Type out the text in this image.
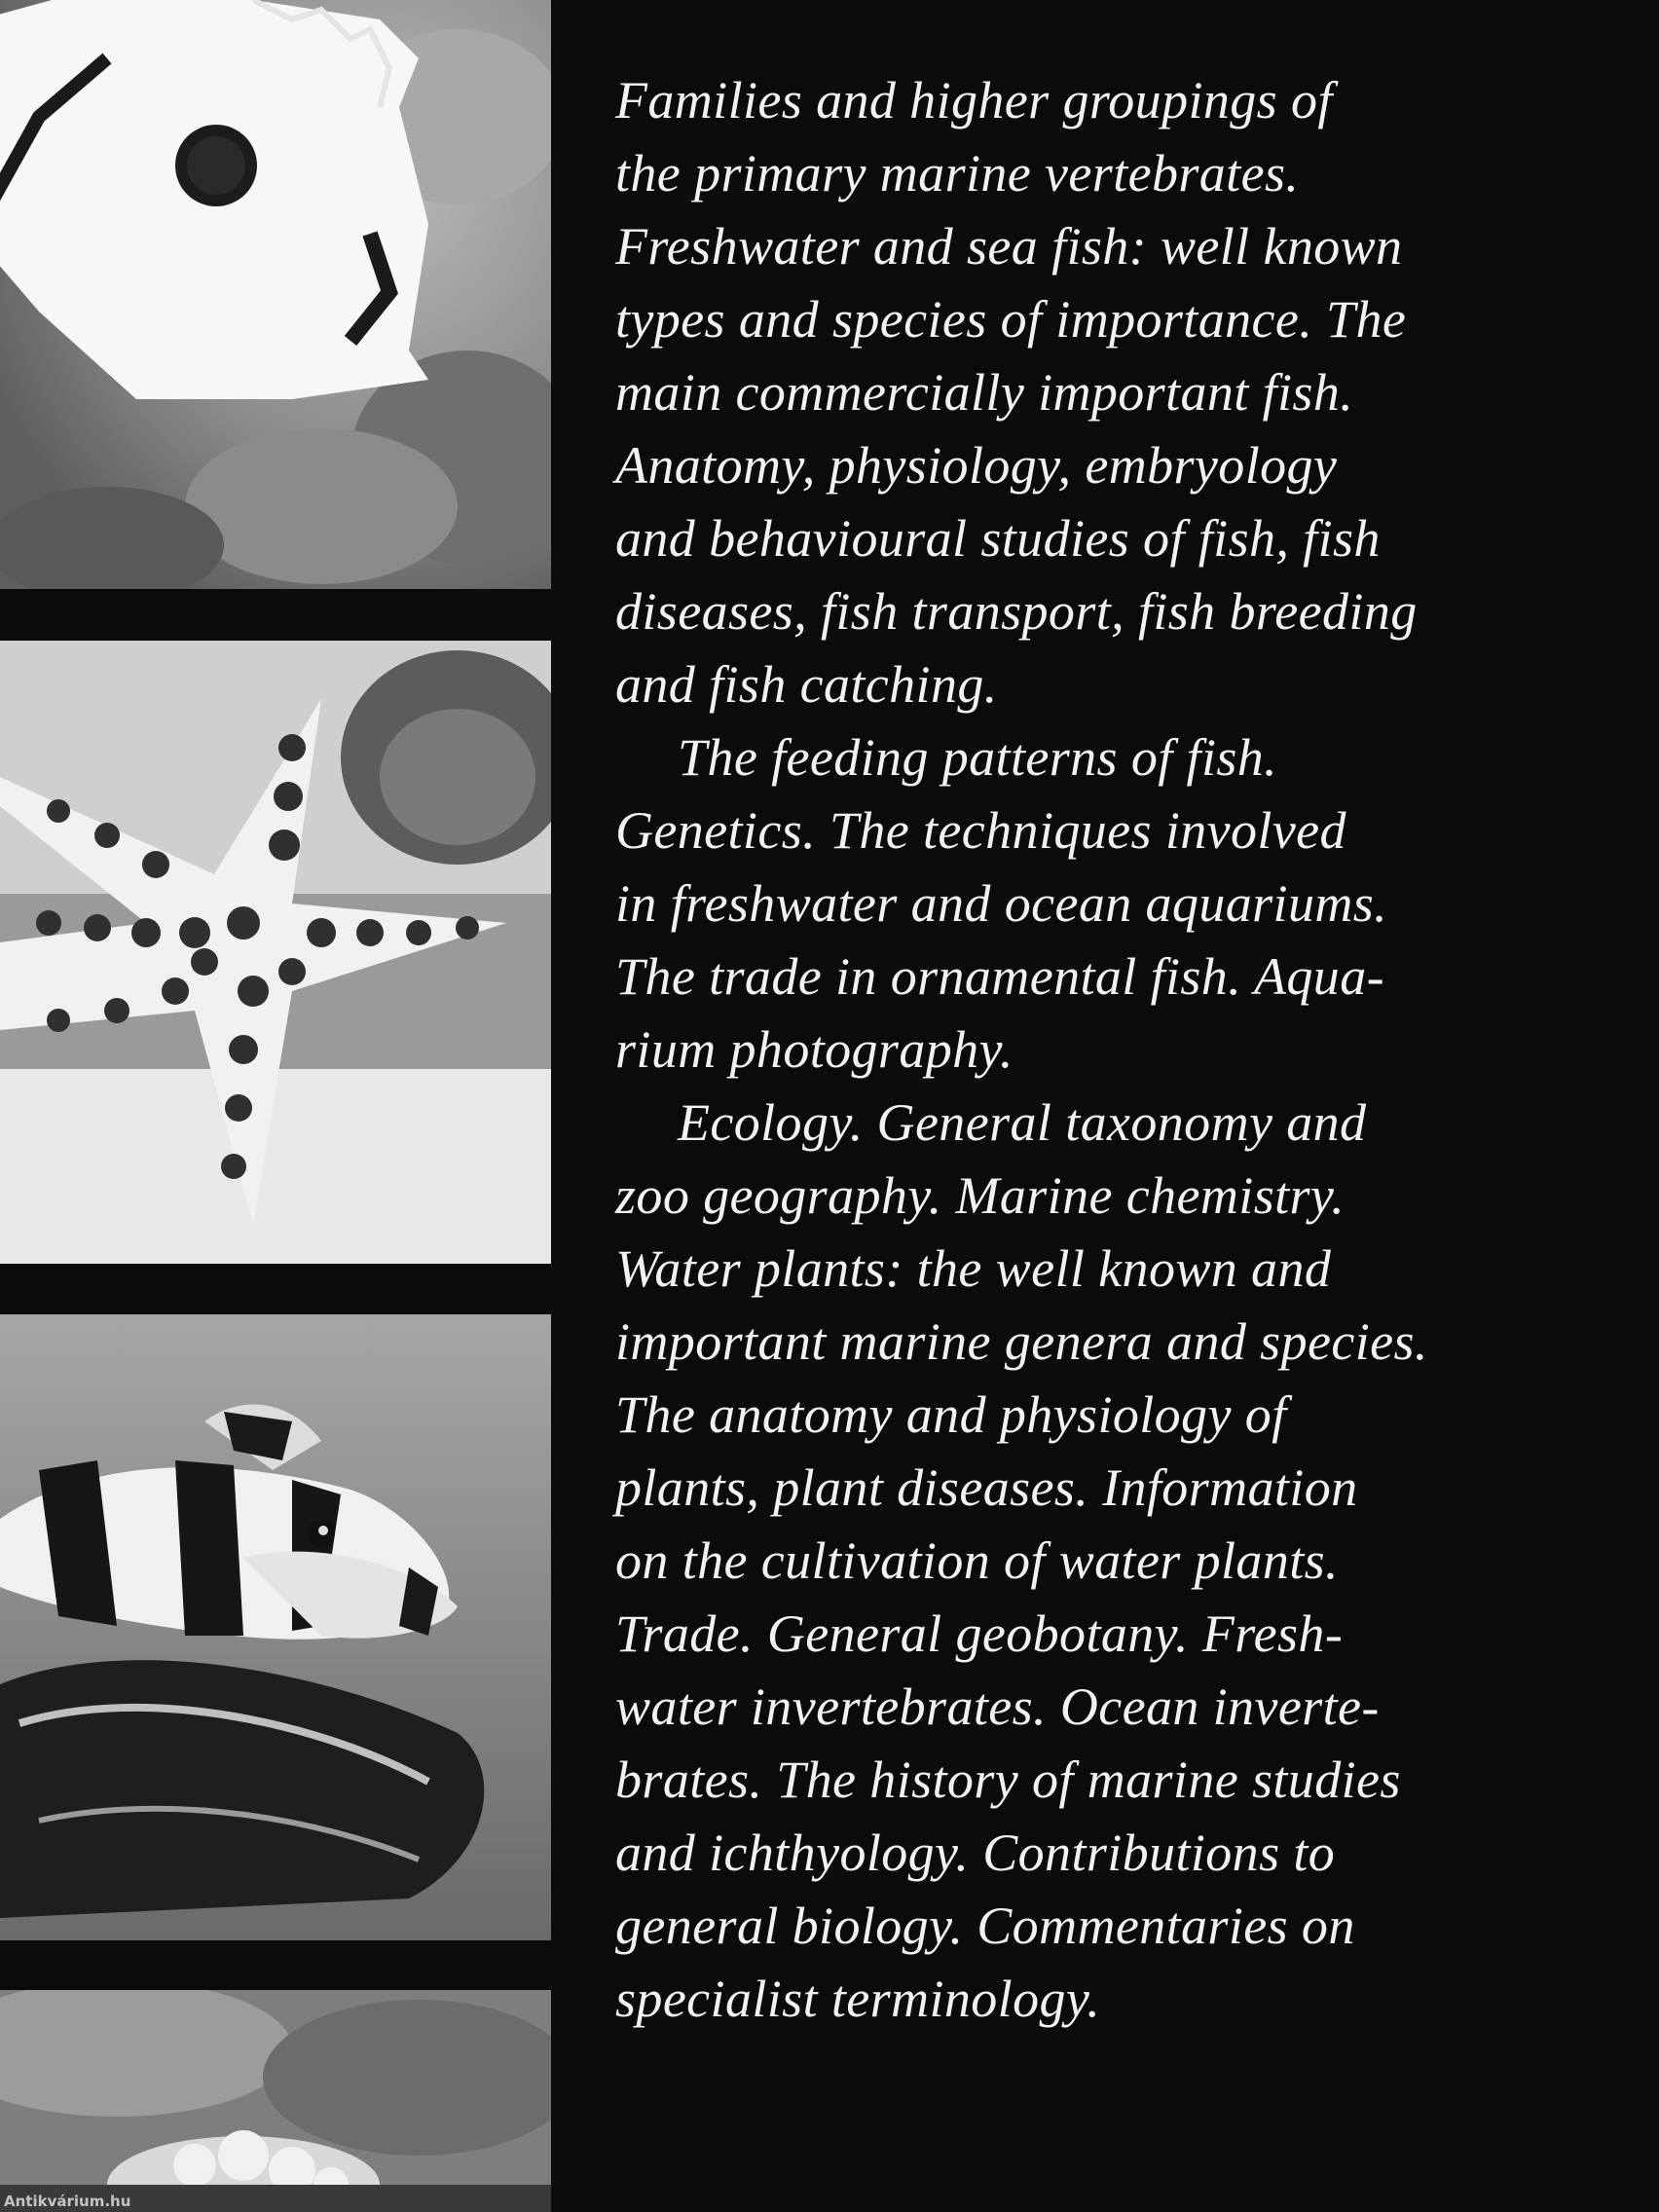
Families and higher groupings of
the primary marine vertebrates.
Freshwater and sea fish: well known
types and species of importance. The
main commercially important fish.
Anatomy, physiology, embryology
and behavioural studies of fish, fish
diseases, fish transport, fish breeding
and fish catching.

The feeding patterns of fish.
Genetics. The techniques involved
in freshwater and ocean aquariums.
The trade in ornamental fish. Aqua-
rium photography.

Ecology. General taxonomy and
zoo geography. Marine chemistry.
Water plants: the well known and
important marine genera and species.
The anatomy and physiology of
plants, plant diseases. Information
on the cultivation of water plants.
Trade. General geobotany. Fresh-
water invertebrates. Ocean inverte-
brates. The history of marine studies
and ichthyology. Contributions to
general biology. Commentaries on
specialist terminology.

Antikvárium.hu
